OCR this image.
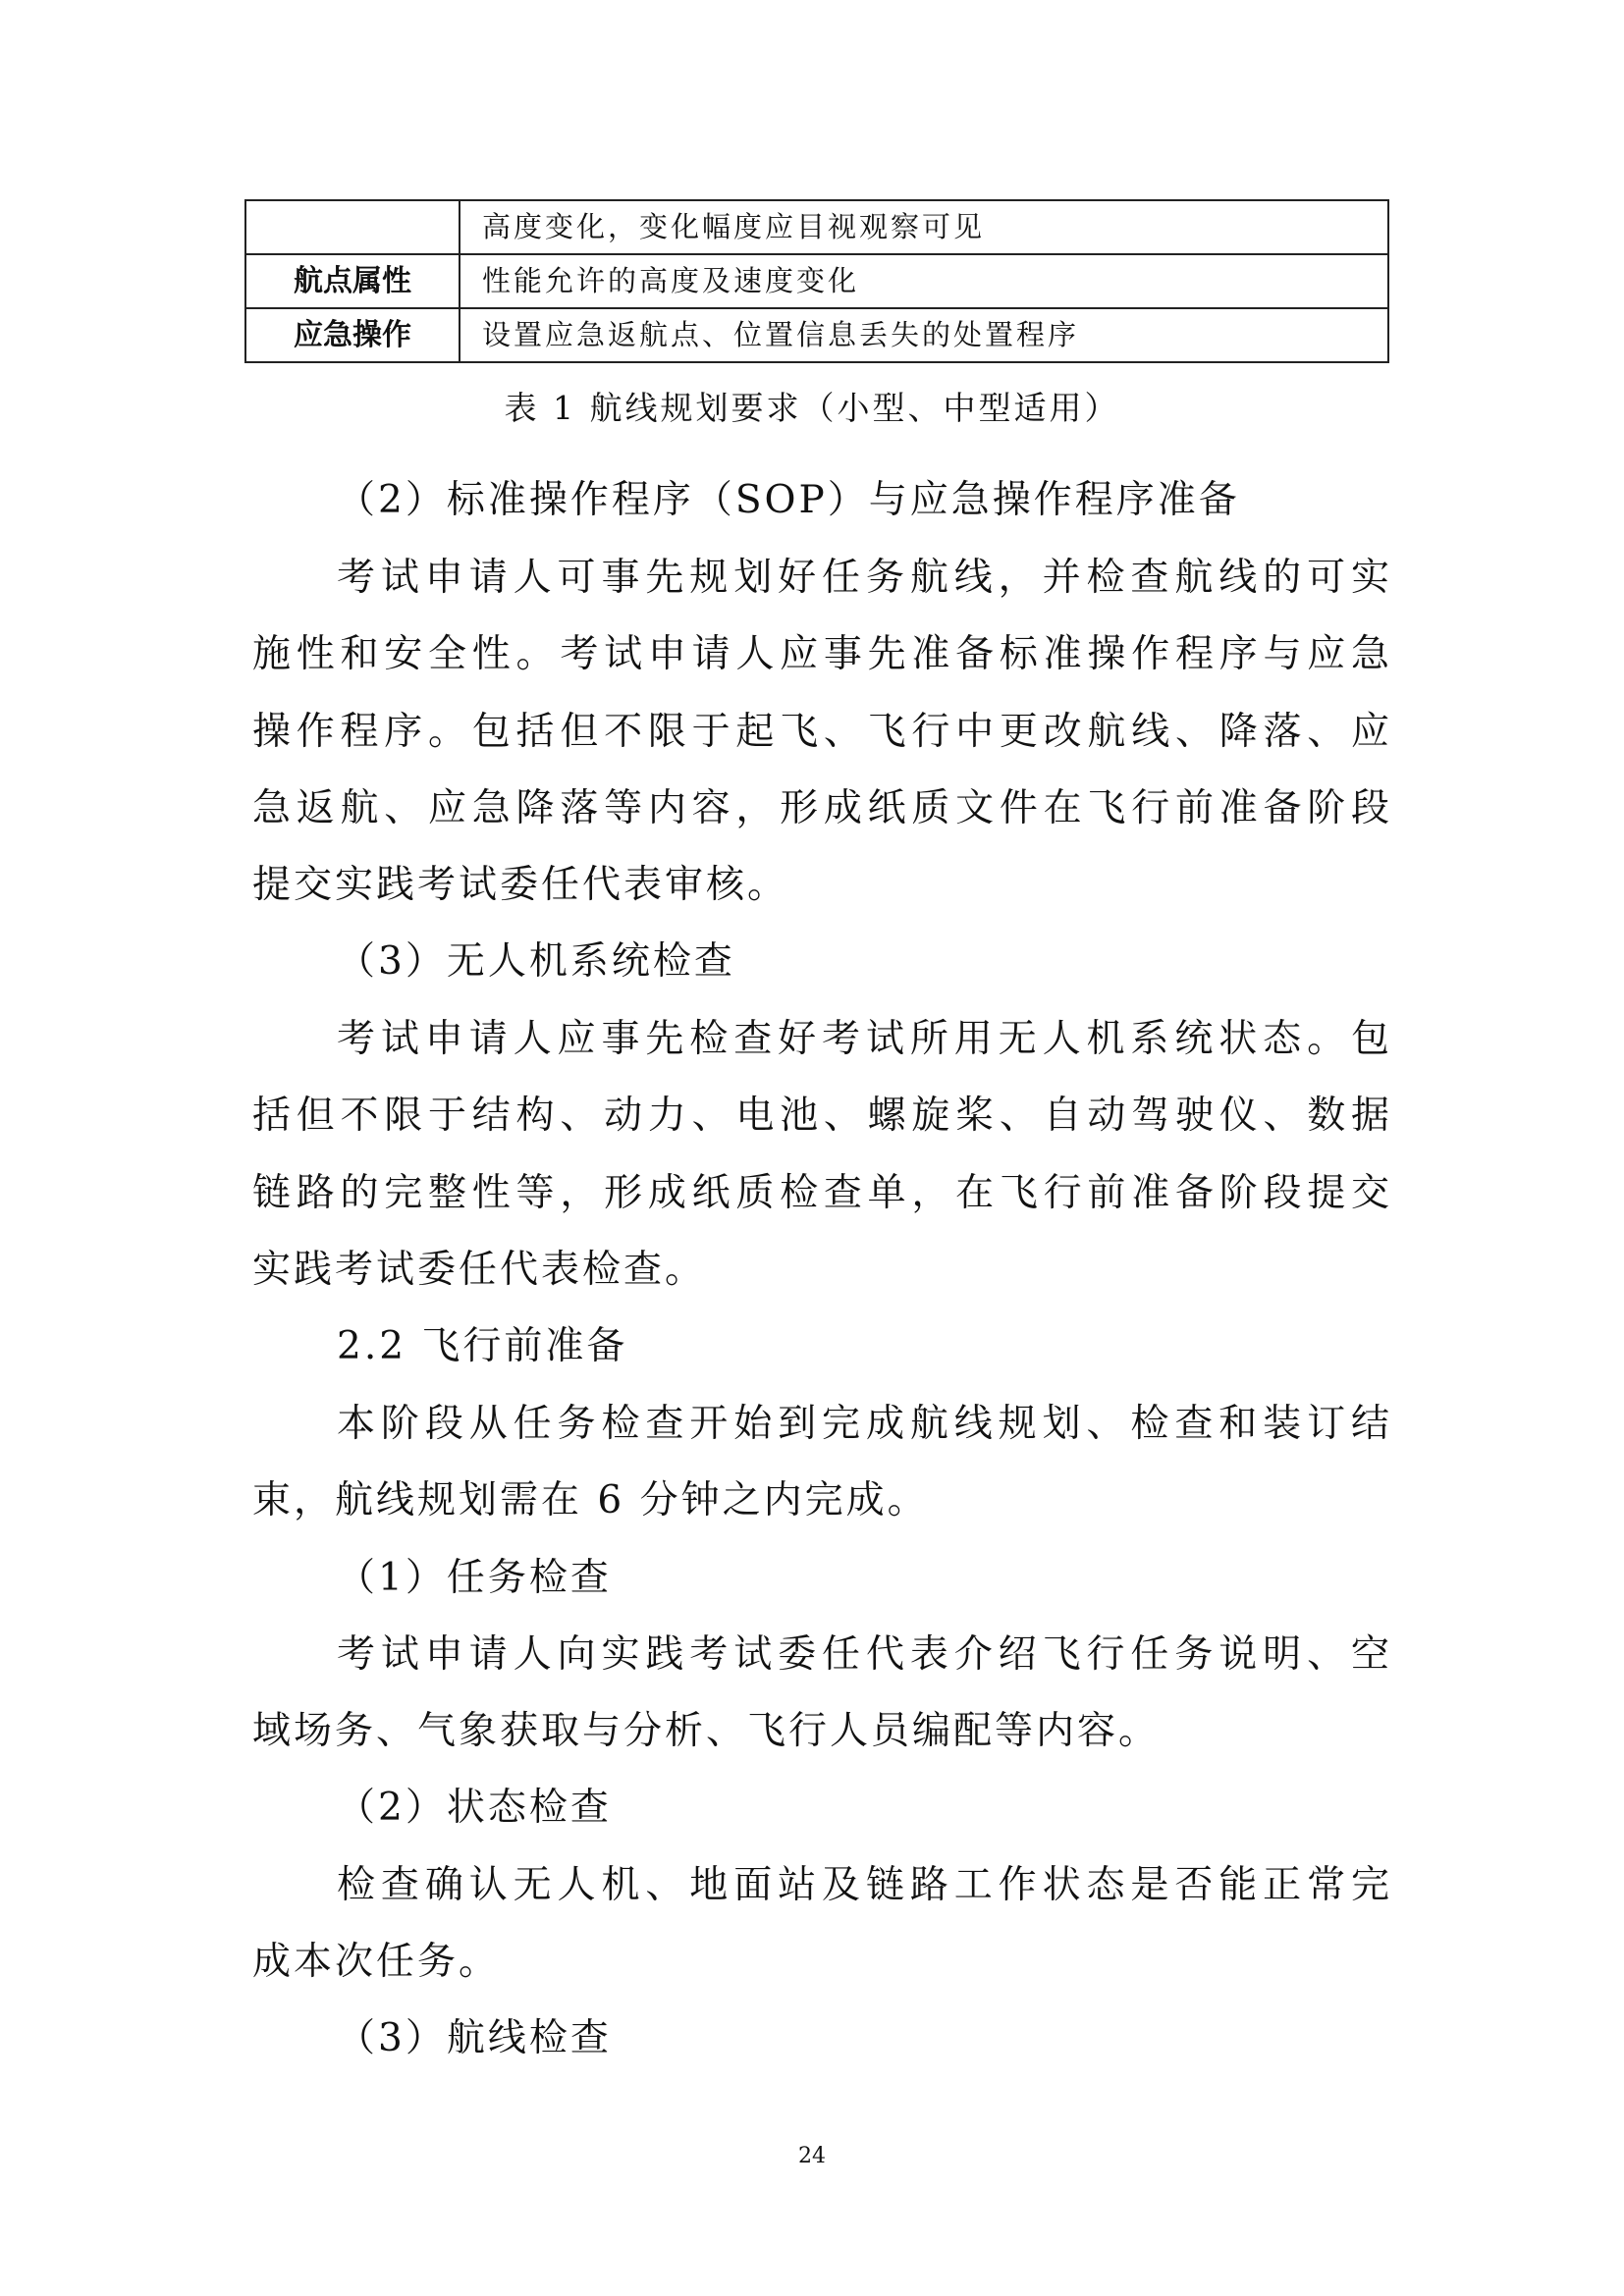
	高度变化，变化幅度应目视观察可见
航点属性	性能允许的高度及速度变化
应急操作	设置应急返航点、位置信息丢失的处置程序
表 1 航线规划要求（小型、中型适用）
（2）标准操作程序（SOP）与应急操作程序准备
考试申请人可事先规划好任务航线，并检查航线的可实
施性和安全性。考试申请人应事先准备标准操作程序与应急
操作程序。包括但不限于起飞、飞行中更改航线、降落、应
急返航、应急降落等内容，形成纸质文件在飞行前准备阶段
提交实践考试委任代表审核。
（3）无人机系统检查
考试申请人应事先检查好考试所用无人机系统状态。包
括但不限于结构、动力、电池、螺旋桨、自动驾驶仪、数据
链路的完整性等，形成纸质检查单，在飞行前准备阶段提交
实践考试委任代表检查。
2.2 飞行前准备
本阶段从任务检查开始到完成航线规划、检查和装订结
束，航线规划需在 6 分钟之内完成。
（1）任务检查
考试申请人向实践考试委任代表介绍飞行任务说明、空
域场务、气象获取与分析、飞行人员编配等内容。
（2）状态检查
检查确认无人机、地面站及链路工作状态是否能正常完
成本次任务。
（3）航线检查
24
